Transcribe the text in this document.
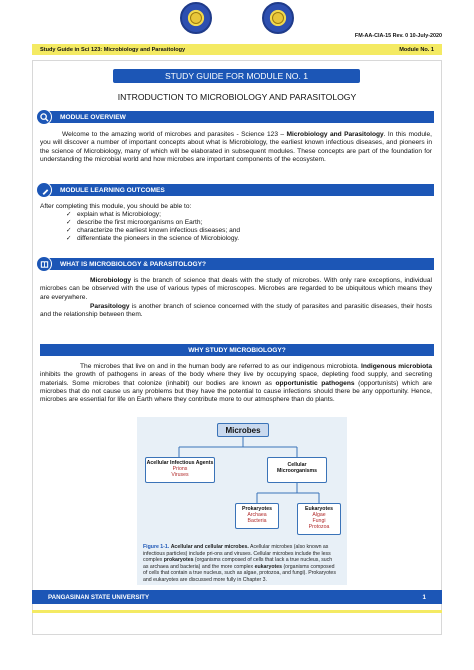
FM-AA-CIA-15 Rev. 0 10-July-2020
Study Guide in Sci 123: Microbiology and Parasitology	Module No. 1
STUDY GUIDE FOR MODULE NO. 1
INTRODUCTION TO MICROBIOLOGY AND PARASITOLOGY
MODULE OVERVIEW
Welcome to the amazing world of microbes and parasites - Science 123 – Microbiology and Parasitology. In this module, you will discover a number of important concepts about what is Microbiology, the earliest known infectious diseases, and pioneers in the science of Microbiology, many of which will be elaborated in subsequent modules. These concepts are part of the foundation for understanding the microbial world and how microbes are important components of the ecosystem.
MODULE LEARNING OUTCOMES
After completing this module, you should be able to:
✓ explain what is Microbiology;
✓ describe the first microorganisms on Earth;
✓ characterize the earliest known infectious diseases; and
✓ differentiate the pioneers in the science of Microbiology.
WHAT IS MICROBIOLOGY & PARASITOLOGY?
Microbiology is the branch of science that deals with the study of microbes. With only rare exceptions, individual microbes can be observed with the use of various types of microscopes. Microbes are regarded to be ubiquitous which means they are everywhere.
Parasitology is another branch of science concerned with the study of parasites and parasitic diseases, their hosts and the relationship between them.
WHY STUDY MICROBIOLOGY?
The microbes that live on and in the human body are referred to as our indigenous microbiota. Indigenous microbiota inhibits the growth of pathogens in areas of the body where they live by occupying space, depleting food supply, and secreting materials. Some microbes that colonize (inhabit) our bodies are known as opportunistic pathogens (opportunists) which are microbes that do not cause us any problems but they have the potential to cause infections should there be any opportunity. Hence, microbes are essential for life on Earth where they contribute more to our atmosphere than do plants.
Microbes
Acellular Infectious Agents
Prions
Viruses
Cellular Microorganisms
Prokaryotes
Archaea
Bacteria
Eukaryotes
Algae
Fungi
Protozoa
Figure 1-1. Acellular and cellular microbes. Acellular microbes (also known as infectious particles) include pri-ons and viruses. Cellular microbes include the less complex prokaryotes (organisms composed of cells that lack a true nucleus, such as archaea and bacteria) and the more complex eukaryotes (organisms composed of cells that contain a true nucleus, such as algae, protozoa, and fungi). Prokaryotes and eukaryotes are discussed more fully in Chapter 3.
PANGASINAN STATE UNIVERSITY	1
